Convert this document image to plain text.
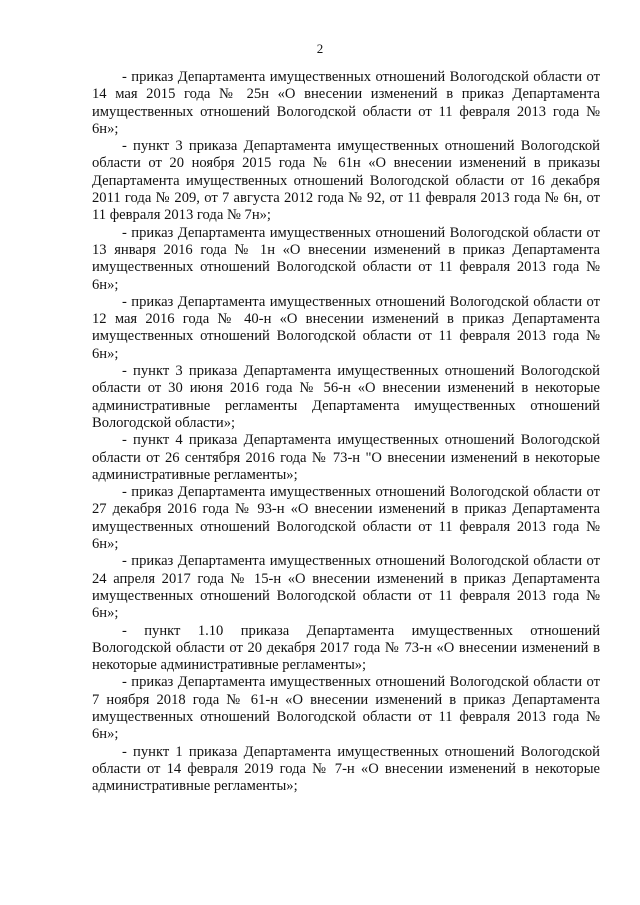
2

- приказ Департамента имущественных отношений Вологодской области от 14 мая 2015 года № 25н «О внесении изменений в приказ Департамента имущественных отношений Вологодской области от 11 февраля 2013 года № 6н»;

- пункт 3 приказа Департамента имущественных отношений Вологодской области от 20 ноября 2015 года № 61н «О внесении изменений в приказы Департамента имущественных отношений Вологодской области от 16 декабря 2011 года № 209, от 7 августа 2012 года № 92, от 11 февраля 2013 года № 6н, от 11 февраля 2013 года № 7н»;

- приказ Департамента имущественных отношений Вологодской области от 13 января 2016 года № 1н «О внесении изменений в приказ Департамента имущественных отношений Вологодской области от 11 февраля 2013 года № 6н»;

- приказ Департамента имущественных отношений Вологодской области от 12 мая 2016 года № 40-н «О внесении изменений в приказ Департамента имущественных отношений Вологодской области от 11 февраля 2013 года № 6н»;

- пункт 3 приказа Департамента имущественных отношений Вологодской области от 30 июня 2016 года № 56-н «О внесении изменений в некоторые административные регламенты Департамента имущественных отношений Вологодской области»;

- пункт 4 приказа Департамента имущественных отношений Вологодской области от 26 сентября 2016 года № 73-н "О внесении изменений в некоторые административные регламенты»;

- приказ Департамента имущественных отношений Вологодской области от 27 декабря 2016 года № 93-н «О внесении изменений в приказ Департамента имущественных отношений Вологодской области от 11 февраля 2013 года № 6н»;

- приказ Департамента имущественных отношений Вологодской области от 24 апреля 2017 года № 15-н «О внесении изменений в приказ Департамента имущественных отношений Вологодской области от 11 февраля 2013 года № 6н»;

- пункт 1.10 приказа Департамента имущественных отношений Вологодской области от 20 декабря 2017 года № 73-н «О внесении изменений в некоторые административные регламенты»;

- приказ Департамента имущественных отношений Вологодской области от 7 ноября 2018 года № 61-н «О внесении изменений в приказ Департамента имущественных отношений Вологодской области от 11 февраля 2013 года № 6н»;

- пункт 1 приказа Департамента имущественных отношений Вологодской области от 14 февраля 2019 года № 7-н «О внесении изменений в некоторые административные регламенты»;
